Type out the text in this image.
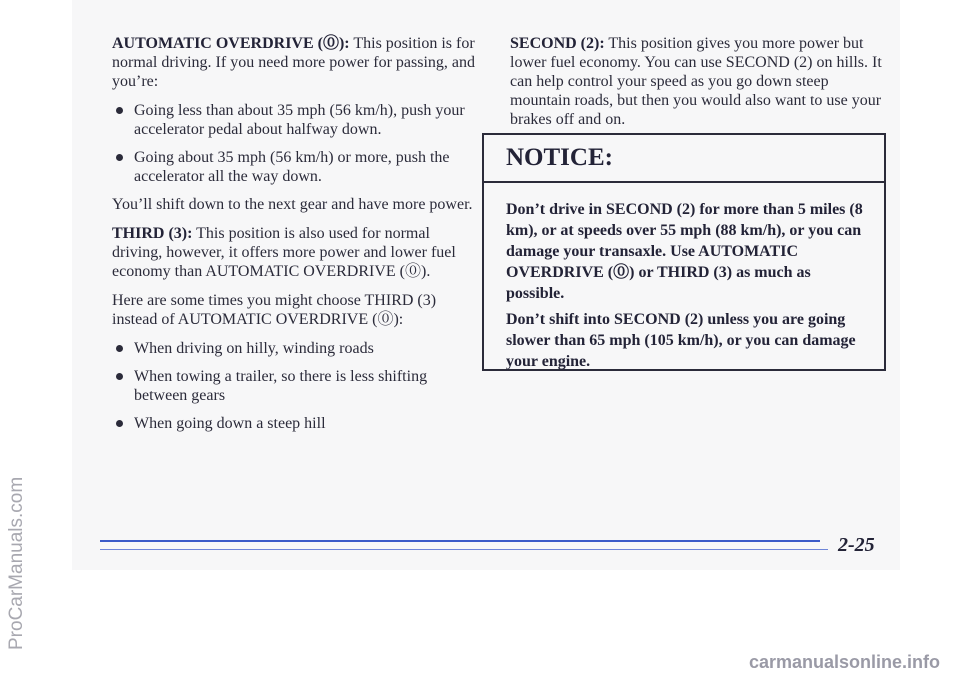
AUTOMATIC OVERDRIVE (⓪): This position is for normal driving. If you need more power for passing, and you’re:

Going less than about 35 mph (56 km/h), push your accelerator pedal about halfway down.
Going about 35 mph (56 km/h) or more, push the accelerator all the way down.

You’ll shift down to the next gear and have more power.

THIRD (3): This position is also used for normal driving, however, it offers more power and lower fuel economy than AUTOMATIC OVERDRIVE (⓪).

Here are some times you might choose THIRD (3) instead of AUTOMATIC OVERDRIVE (⓪):

When driving on hilly, winding roads
When towing a trailer, so there is less shifting between gears
When going down a steep hill

SECOND (2): This position gives you more power but lower fuel economy. You can use SECOND (2) on hills. It can help control your speed as you go down steep mountain roads, but then you would also want to use your brakes off and on.

NOTICE:

Don’t drive in SECOND (2) for more than 5 miles (8 km), or at speeds over 55 mph (88 km/h), or you can damage your transaxle. Use AUTOMATIC OVERDRIVE (⓪) or THIRD (3) as much as possible.

Don’t shift into SECOND (2) unless you are going slower than 65 mph (105 km/h), or you can damage your engine.

2-25
ProCarManuals.com
carmanualsonline.info
